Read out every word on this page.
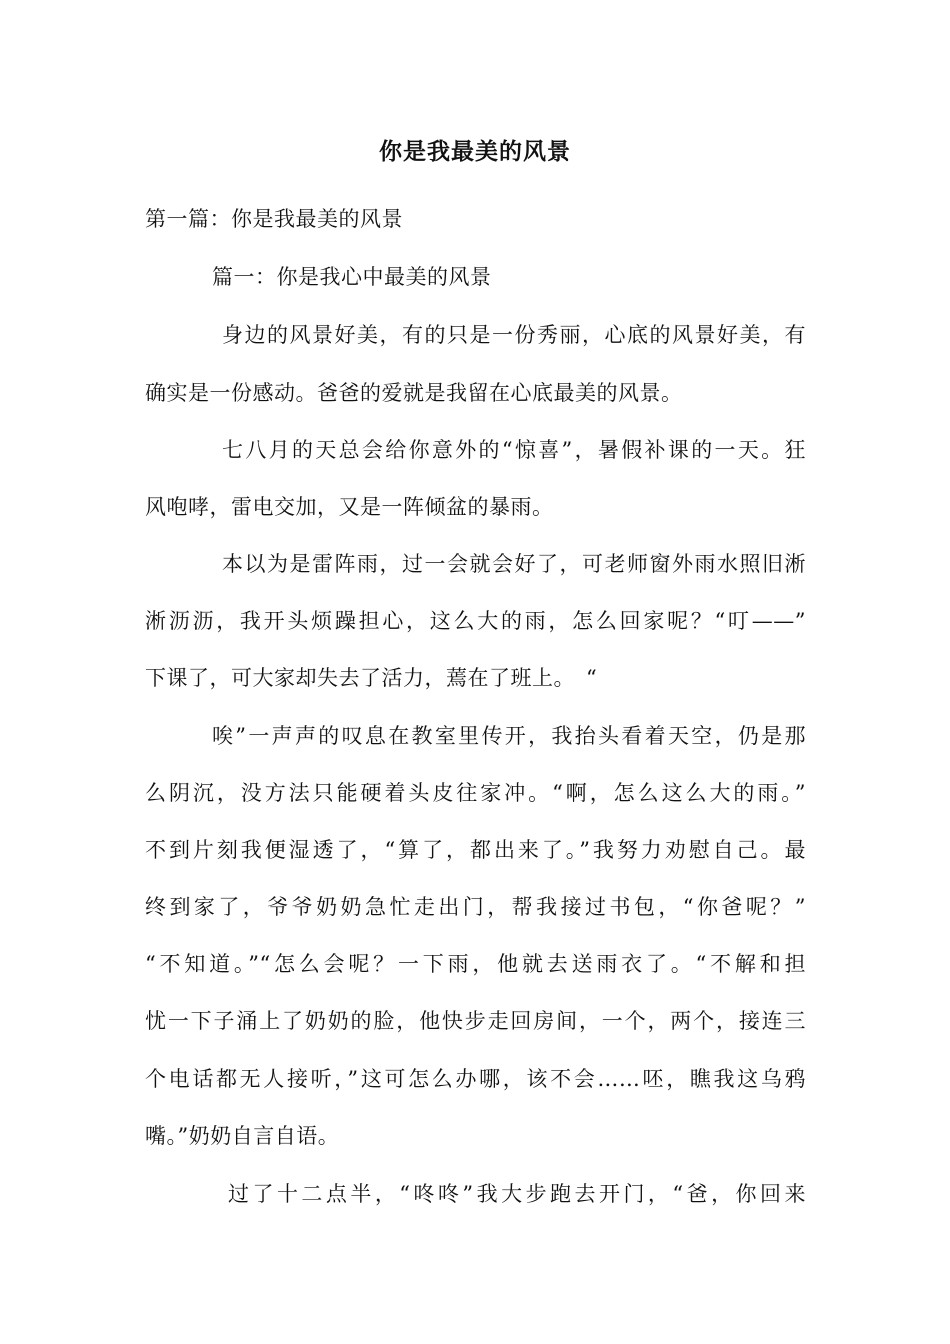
你是我最美的风景
第一篇：你是我最美的风景
篇一：你是我心中最美的风景
身边的风景好美，有的只是一份秀丽，心底的风景好美，有
确实是一份感动。爸爸的爱就是我留在心底最美的风景。
七八月的天总会给你意外的“惊喜”，暑假补课的一天。狂
风咆哮，雷电交加，又是一阵倾盆的暴雨。
本以为是雷阵雨，过一会就会好了，可老师窗外雨水照旧淅
淅沥沥，我开头烦躁担心，这么大的雨，怎么回家呢？“叮——”
下课了，可大家却失去了活力，蔫在了班上。　“
唉”一声声的叹息在教室里传开，我抬头看着天空，仍是那
么阴沉，没方法只能硬着头皮往家冲。“啊，怎么这么大的雨。”
不到片刻我便湿透了，“算了，都出来了。”我努力劝慰自己。最
终到家了，爷爷奶奶急忙走出门，帮我接过书包，“你爸呢？”
“不知道。”“怎么会呢？一下雨，他就去送雨衣了。“不解和担
忧一下子涌上了奶奶的脸，他快步走回房间，一个，两个，接连三
个电话都无人接听，”这可怎么办哪，该不会……呸，瞧我这乌鸦
嘴。”奶奶自言自语。
过了十二点半，“咚咚”我大步跑去开门，“爸，你回来
